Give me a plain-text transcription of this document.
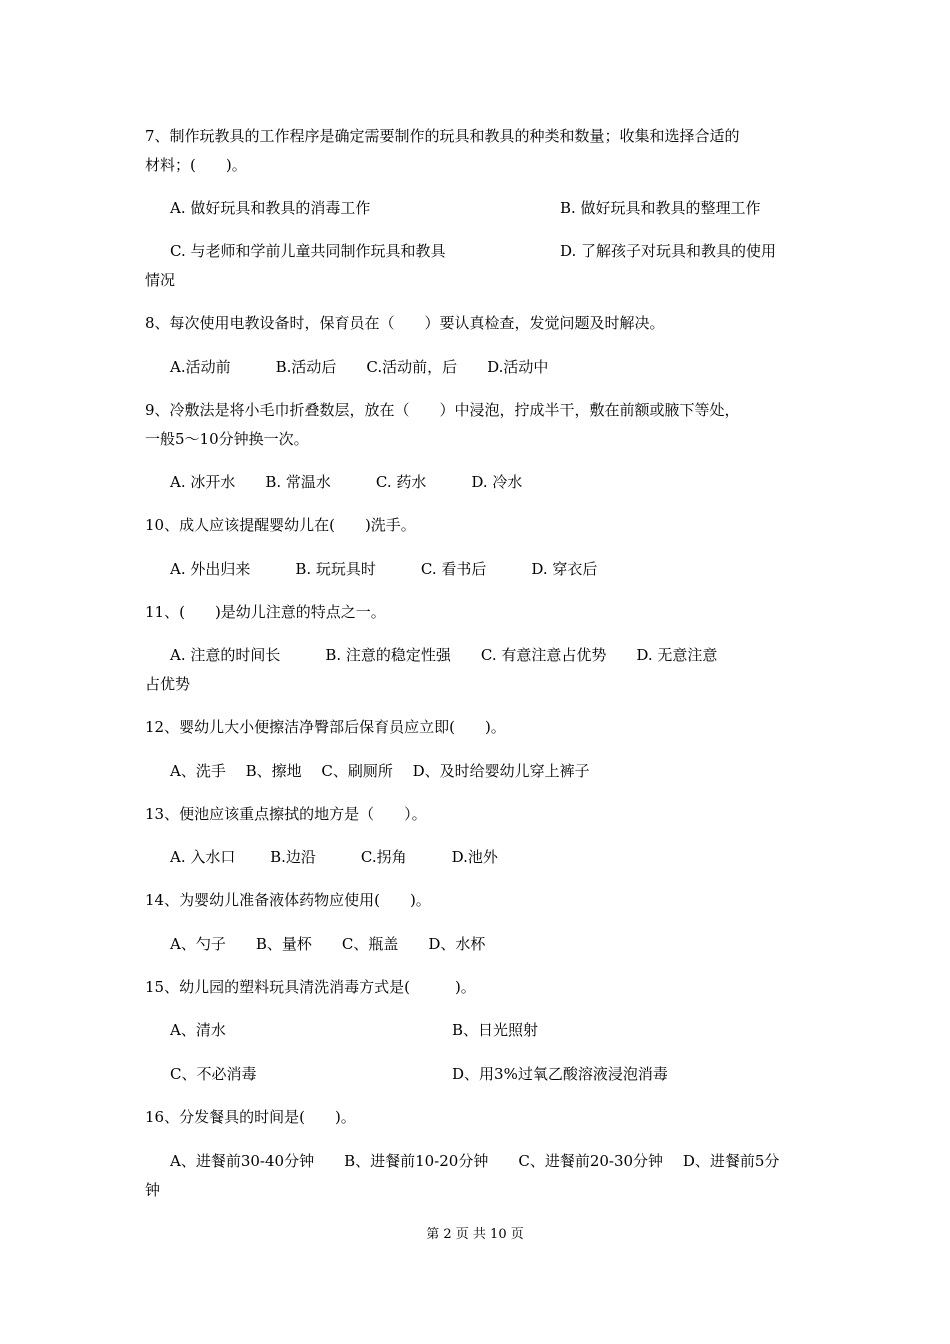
7、制作玩教具的工作程序是确定需要制作的玩具和教具的种类和数量；收集和选择合适的
材料；(　　)。
A. 做好玩具和教具的消毒工作	B. 做好玩具和教具的整理工作
C. 与老师和学前儿童共同制作玩具和教具	D. 了解孩子对玩具和教具的使用
情况
8、每次使用电教设备时，保育员在（　　）要认真检查，发觉问题及时解决。
A.活动前　　　B.活动后　　C.活动前，后　　D.活动中
9、冷敷法是将小毛巾折叠数层，放在（　　）中浸泡，拧成半干，敷在前额或腋下等处，
一般5～10分钟换一次。
A. 冰开水　　B. 常温水　　　C. 药水　　　D. 冷水
10、成人应该提醒婴幼儿在(　　)洗手。
A. 外出归来　　　B. 玩玩具时　　　C. 看书后　　　D. 穿衣后
11、(　　)是幼儿注意的特点之一。
A. 注意的时间长　　　B. 注意的稳定性强　　C. 有意注意占优势　　D. 无意注意
占优势
12、婴幼儿大小便擦洁净臀部后保育员应立即(　　)。
A、洗手　 B、擦地　 C、刷厕所　 D、及时给婴幼儿穿上裤子
13、便池应该重点擦拭的地方是（　　）。
A. 入水口　　 B.边沿　　　C.拐角　　　D.池外
14、为婴幼儿准备液体药物应使用(　　)。
A、勺子　　B、量杯　　C、瓶盖　　D、水杯
15、幼儿园的塑料玩具清洗消毒方式是(　　　)。
A、清水	B、日光照射
C、不必消毒	D、用3%过氧乙酸溶液浸泡消毒
16、分发餐具的时间是(　　)。
A、进餐前30-40分钟　　B、进餐前10-20分钟　　C、进餐前20-30分钟　 D、进餐前5分
钟
第 2 页 共 10 页
